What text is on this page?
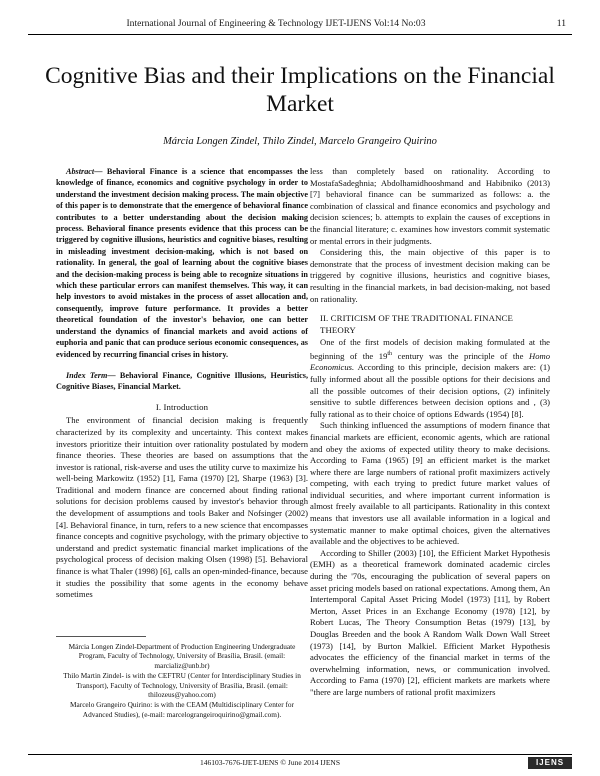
International Journal of Engineering & Technology IJET-IJENS Vol:14 No:03	11
Cognitive Bias and their Implications on the Financial Market
Márcia Longen Zindel, Thilo Zindel, Marcelo Grangeiro Quirino

Abstract— Behavioral Finance is a science that encompasses the knowledge of finance, economics and cognitive psychology in order to understand the investment decision making process. The main objective of this paper is to demonstrate that the emergence of behavioral finance contributes to a better understanding about the decision making process. Behavioral finance presents evidence that this process can be triggered by cognitive illusions, heuristics and cognitive biases, resulting in misleading investment decision-making, which is not based on rationality. In general, the goal of learning about the cognitive biases and the decision-making process is being able to recognize situations in which these particular errors can manifest themselves. This way, it can help investors to avoid mistakes in the process of asset allocation and, consequently, improve future performance. It provides a better theoretical foundation of the investor's behavior, one can better understand the dynamics of financial markets and avoid actions of euphoria and panic that can produce serious economic consequences, as evidenced by recurring financial crises in history.

Index Term— Behavioral Finance, Cognitive Illusions, Heuristics, Cognitive Biases, Financial Market.

I. Introduction

The environment of financial decision making is frequently characterized by its complexity and uncertainty. This context makes investors prioritize their intuition over rationality postulated by modern finance theories. These theories are based on assumptions that the investor is rational, risk-averse and uses the utility curve to maximize his well-being Markowitz (1952) [1], Fama (1970) [2], Sharpe (1963) [3]. Traditional and modern finance are concerned about finding rational solutions for decision problems caused by investor's behavior through the development of assumptions and tools Baker and Nofsinger (2002) [4]. Behavioral finance, in turn, refers to a new science that encompasses finance concepts and cognitive psychology, with the primary objective to understand and predict systematic financial market implications of the psychological process of decision making Olsen (1998) [5]. Behavioral finance is what Thaler (1998) [6], calls an open-minded-finance, because it studies the possibility that some agents in the economy behave sometimes

less than completely based on rationality. According to MostafaSadeghnia; Abdolhamidhooshmand and Habibniko (2013) [7] behavioral finance can be summarized as follows: a. the combination of classical and finance economics and psychology and decision sciences; b. attempts to explain the causes of exceptions in the financial literature; c. examines how investors commit systematic or mental errors in their judgments.

Considering this, the main objective of this paper is to demonstrate that the process of investment decision making can be triggered by cognitive illusions, heuristics and cognitive biases, resulting in the financial markets, in bad decision-making, not based on rationality.

II. CRITICISM OF THE TRADITIONAL FINANCE THEORY

One of the first models of decision making formulated at the beginning of the 19th century was the principle of the Homo Economicus. According to this principle, decision makers are: (1) fully informed about all the possible options for their decisions and all the possible outcomes of their decision options, (2) infinitely sensitive to subtle differences between decision options and , (3) fully rational as to their choice of options Edwards (1954) [8].

Such thinking influenced the assumptions of modern finance that financial markets are efficient, economic agents, which are rational and obey the axioms of expected utility theory to make decisions. According to Fama (1965) [9] an efficient market is the market where there are large numbers of rational profit maximizers actively competing, with each trying to predict future market values of individual securities, and where important current information is almost freely available to all participants. Rationality in this context means that investors use all available information in a logical and systematic manner to make optimal choices, given the alternatives available and the objectives to be achieved.

According to Shiller (2003) [10], the Efficient Market Hypothesis (EMH) as a theoretical framework dominated academic circles during the '70s, encouraging the publication of several papers on asset pricing models based on rational expectations. Among them, An Intertemporal Capital Asset Pricing Model (1973) [11], by Robert Merton, Asset Prices in an Exchange Economy (1978) [12], by Robert Lucas, The Theory Consumption Betas (1979) [13], by Douglas Breeden and the book A Random Walk Down Wall Street (1973) [14], by Burton Malkiel. Efficient Market Hypothesis advocates the efficiency of the financial market in terms of the overwhelming information, news, or communication involved. According to Fama (1970) [2], efficient markets are markets where "there are large numbers of rational profit maximizers

Márcia Longen Zindel-Department of Production Engineering Undergraduate Program, Faculty of Technology, University of Brasília, Brasil. (email: marcializ@unb.br)

Thilo Martin Zindel- is with the CEFTRU (Center for Interdisciplinary Studies in Transport), Faculty of Technology, University of Brasília, Brasil. (email: thilozeus@yahoo.com)

Marcelo Grangeiro Quirino: is with the CEAM (Multidisciplinary Center for Advanced Studies), (e-mail: marcelograngeiroquirino@gmail.com).

146103-7676-IJET-IJENS © June 2014 IJENS	IJENS
